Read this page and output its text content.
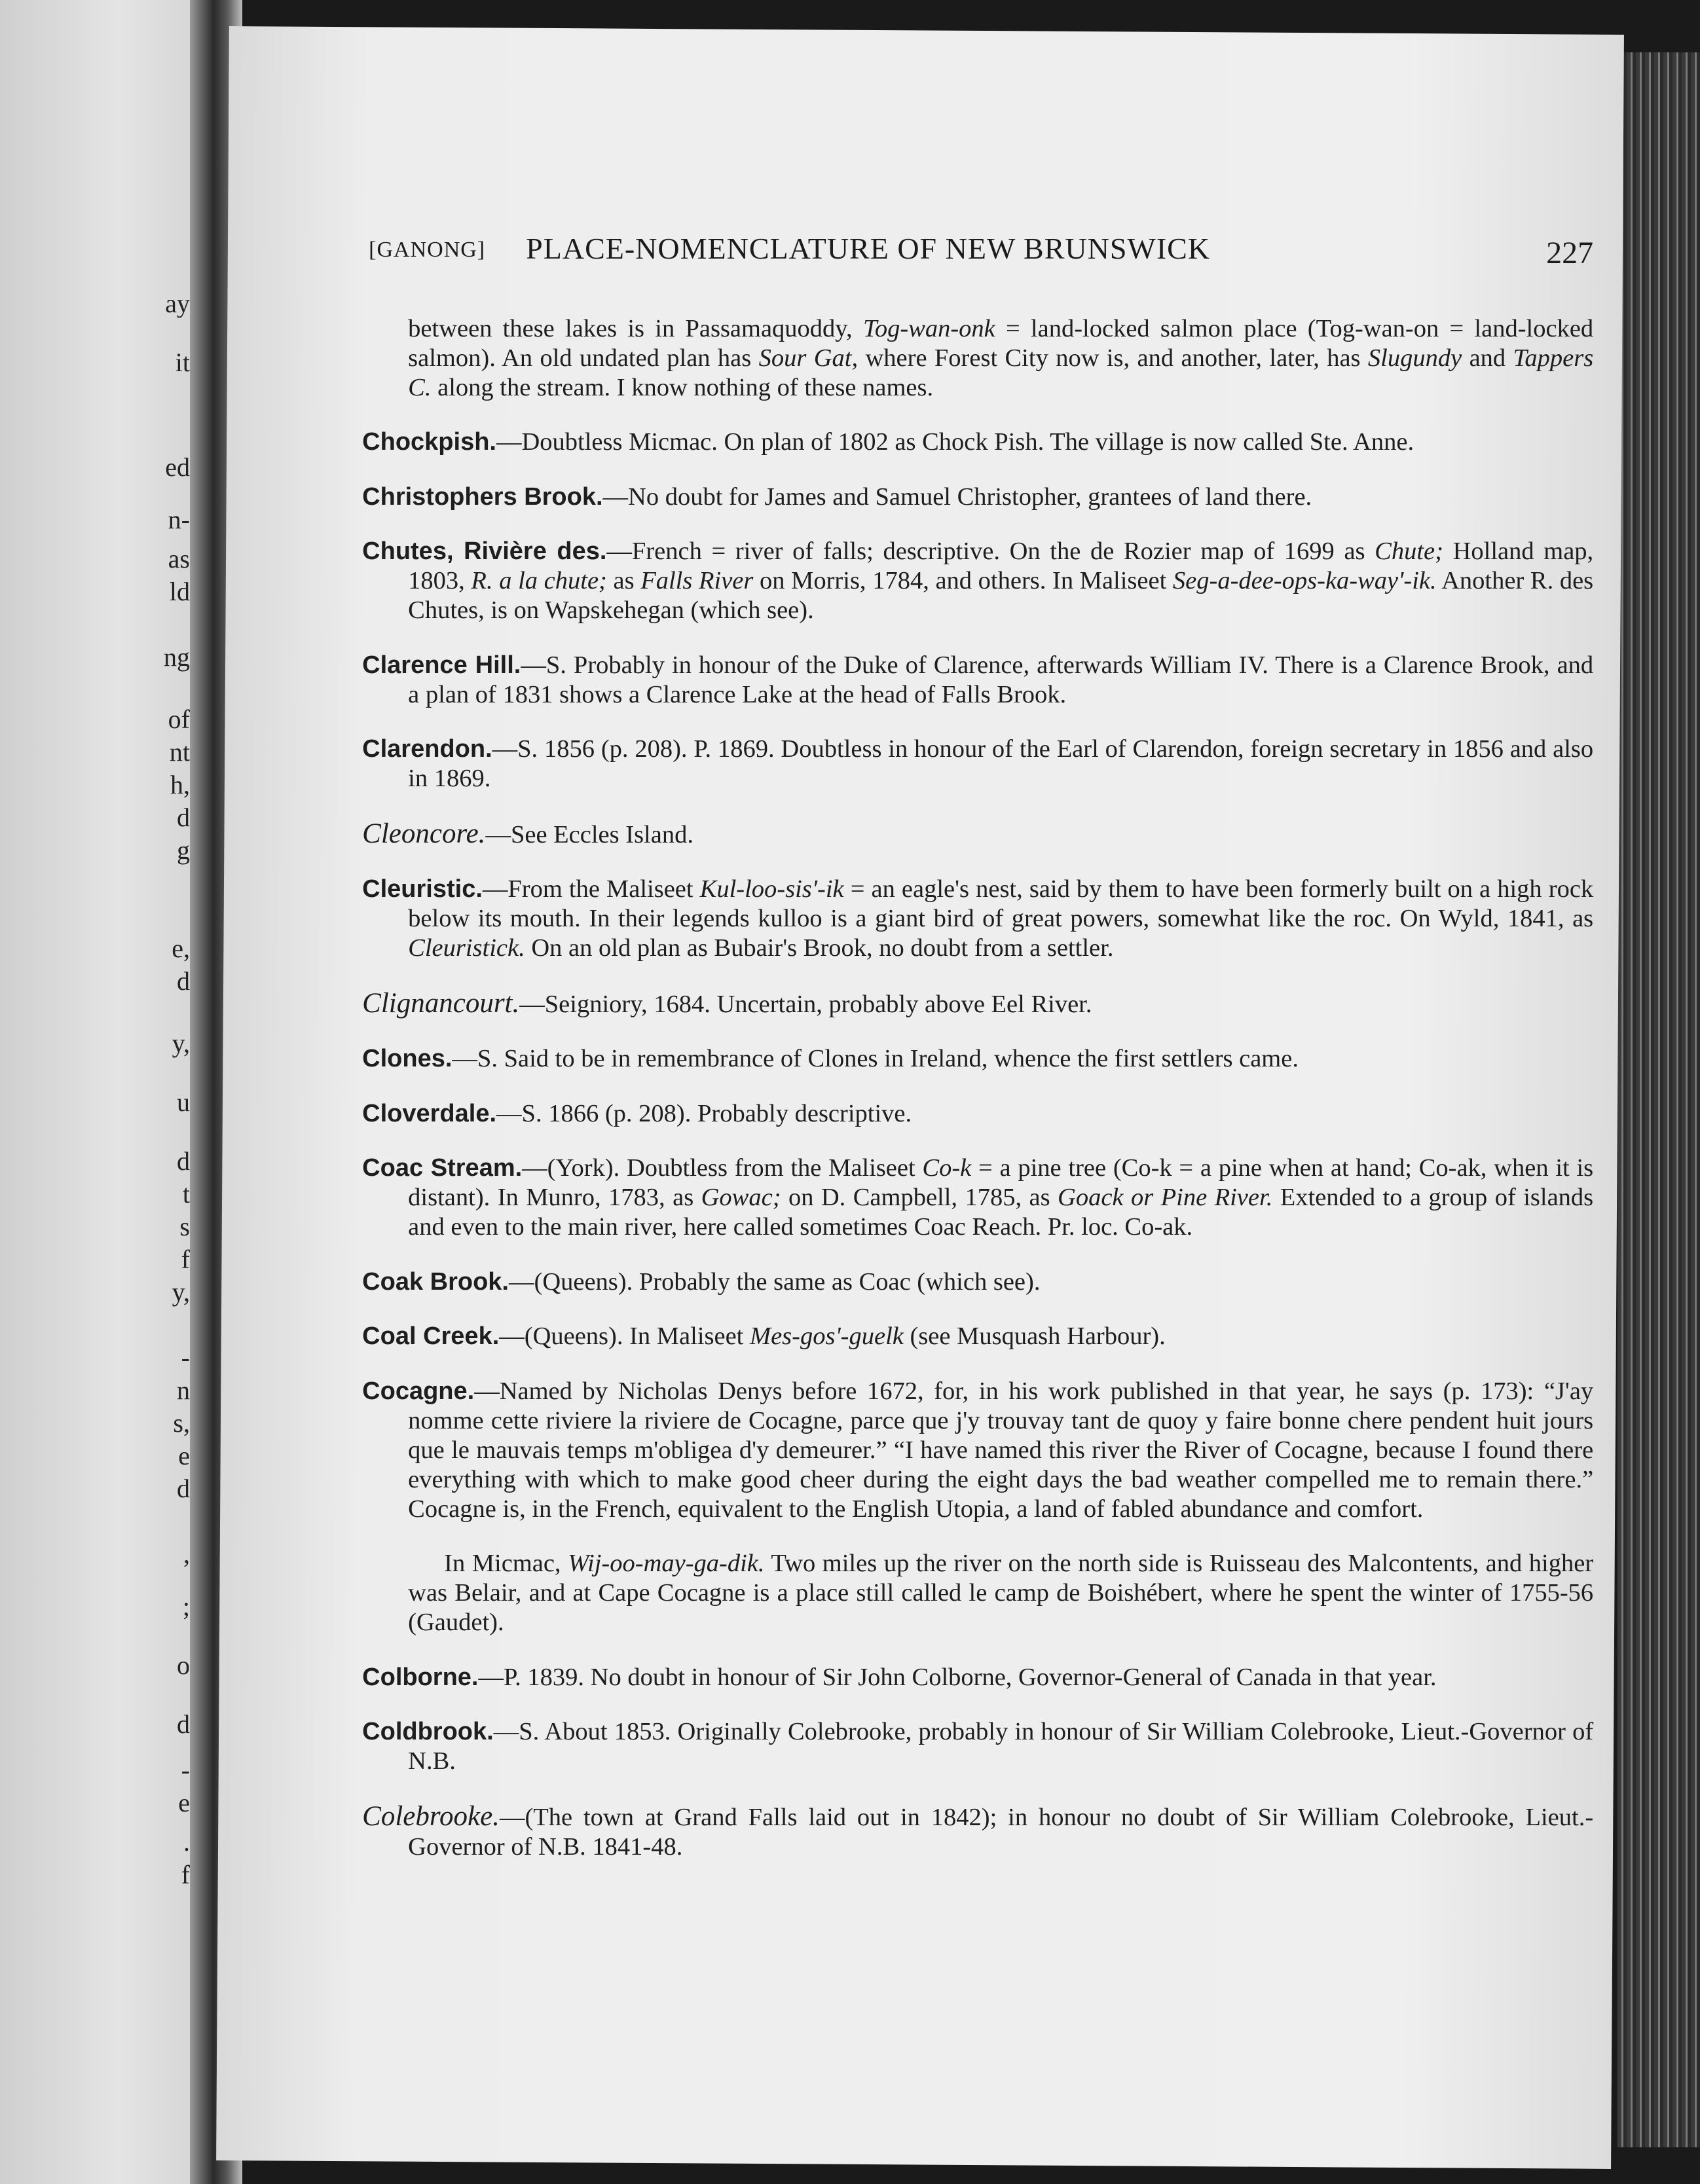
ay
it
ed
n-
as
ld
ng
of
nt
h,
d
g
e,
d
y,
u
d
t
s
f
y,
-
n
s,
e
d
,
;
o
d
-
e
.
f
[GANONG] PLACE-NOMENCLATURE OF NEW BRUNSWICK	227

between these lakes is in Passamaquoddy, Tog-wan-onk = land-locked salmon place (Tog-wan-on = land-locked salmon). An old undated plan has Sour Gat, where Forest City now is, and another, later, has Slugundy and Tappers C. along the stream. I know nothing of these names.

Chockpish.—Doubtless Micmac. On plan of 1802 as Chock Pish. The village is now called Ste. Anne.

Christophers Brook.—No doubt for James and Samuel Christopher, grantees of land there.

Chutes, Rivière des.—French = river of falls; descriptive. On the de Rozier map of 1699 as Chute; Holland map, 1803, R. a la chute; as Falls River on Morris, 1784, and others. In Maliseet Seg-a-dee-ops-ka-way'-ik. Another R. des Chutes, is on Wapskehegan (which see).

Clarence Hill.—S. Probably in honour of the Duke of Clarence, afterwards William IV. There is a Clarence Brook, and a plan of 1831 shows a Clarence Lake at the head of Falls Brook.

Clarendon.—S. 1856 (p. 208). P. 1869. Doubtless in honour of the Earl of Clarendon, foreign secretary in 1856 and also in 1869.

Cleoncore.—See Eccles Island.

Cleuristic.—From the Maliseet Kul-loo-sis'-ik = an eagle's nest, said by them to have been formerly built on a high rock below its mouth. In their legends kulloo is a giant bird of great powers, somewhat like the roc. On Wyld, 1841, as Cleuristick. On an old plan as Bubair's Brook, no doubt from a settler.

Clignancourt.—Seigniory, 1684. Uncertain, probably above Eel River.

Clones.—S. Said to be in remembrance of Clones in Ireland, whence the first settlers came.

Cloverdale.—S. 1866 (p. 208). Probably descriptive.

Coac Stream.—(York). Doubtless from the Maliseet Co-k = a pine tree (Co-k = a pine when at hand; Co-ak, when it is distant). In Munro, 1783, as Gowac; on D. Campbell, 1785, as Goack or Pine River. Extended to a group of islands and even to the main river, here called sometimes Coac Reach. Pr. loc. Co-ak.

Coak Brook.—(Queens). Probably the same as Coac (which see).

Coal Creek.—(Queens). In Maliseet Mes-gos'-guelk (see Musquash Harbour).

Cocagne.—Named by Nicholas Denys before 1672, for, in his work published in that year, he says (p. 173): “J'ay nomme cette riviere la riviere de Cocagne, parce que j'y trouvay tant de quoy y faire bonne chere pendent huit jours que le mauvais temps m'obligea d'y demeurer.” “I have named this river the River of Cocagne, because I found there everything with which to make good cheer during the eight days the bad weather compelled me to remain there.” Cocagne is, in the French, equivalent to the English Utopia, a land of fabled abundance and comfort.

In Micmac, Wij-oo-may-ga-dik. Two miles up the river on the north side is Ruisseau des Malcontents, and higher was Belair, and at Cape Cocagne is a place still called le camp de Boishébert, where he spent the winter of 1755-56 (Gaudet).

Colborne.—P. 1839. No doubt in honour of Sir John Colborne, Governor-General of Canada in that year.

Coldbrook.—S. About 1853. Originally Colebrooke, probably in honour of Sir William Colebrooke, Lieut.-Governor of N.B.

Colebrooke.—(The town at Grand Falls laid out in 1842); in honour no doubt of Sir William Colebrooke, Lieut.-Governor of N.B. 1841-48.
